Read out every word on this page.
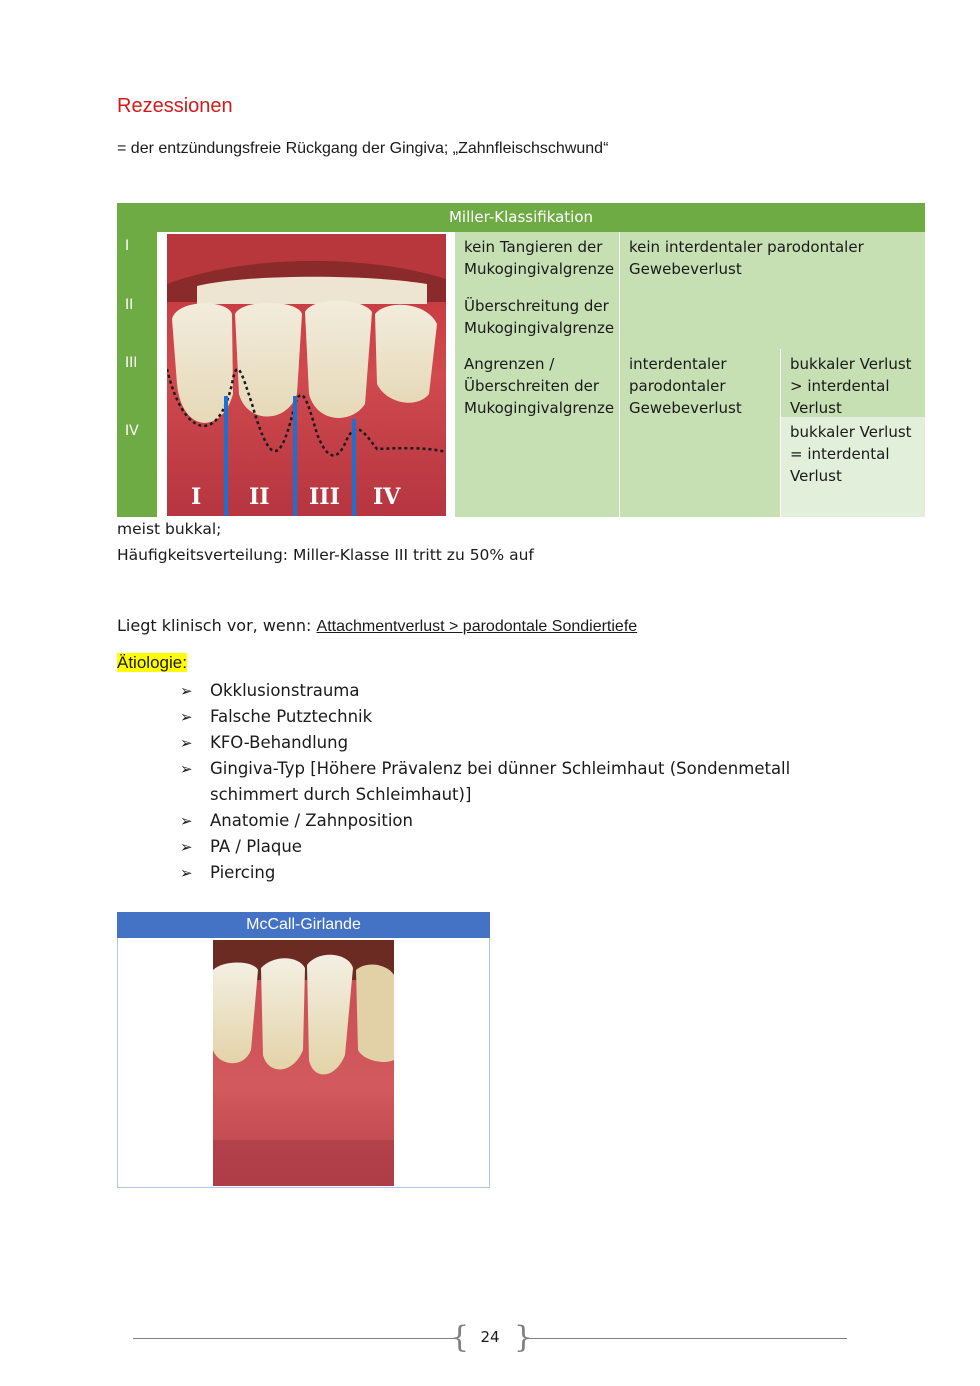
Rezessionen
= der entzündungsfreie Rückgang der Gingiva; „Zahnfleischschwund“
Miller-Klassifikation
I
II
III
IV
I II III IV
kein Tangieren der Mukogingivalgrenze
Überschreitung der Mukogingivalgrenze
Angrenzen / Überschreiten der Mukogingivalgrenze
kein interdentaler parodontaler Gewebeverlust
interdentaler parodontaler Gewebeverlust
bukkaler Verlust > interdental Verlust
bukkaler Verlust = interdental Verlust
meist bukkal;
Häufigkeitsverteilung: Miller-Klasse III tritt zu 50% auf
Liegt klinisch vor, wenn: Attachmentverlust > parodontale Sondiertiefe
Ätiologie:
➢ Okklusionstrauma
➢ Falsche Putztechnik
➢ KFO-Behandlung
➢ Gingiva-Typ [Höhere Prävalenz bei dünner Schleimhaut (Sondenmetall schimmert durch Schleimhaut)]
➢ Anatomie / Zahnposition
➢ PA / Plaque
➢ Piercing
McCall-Girlande
{ }
24
